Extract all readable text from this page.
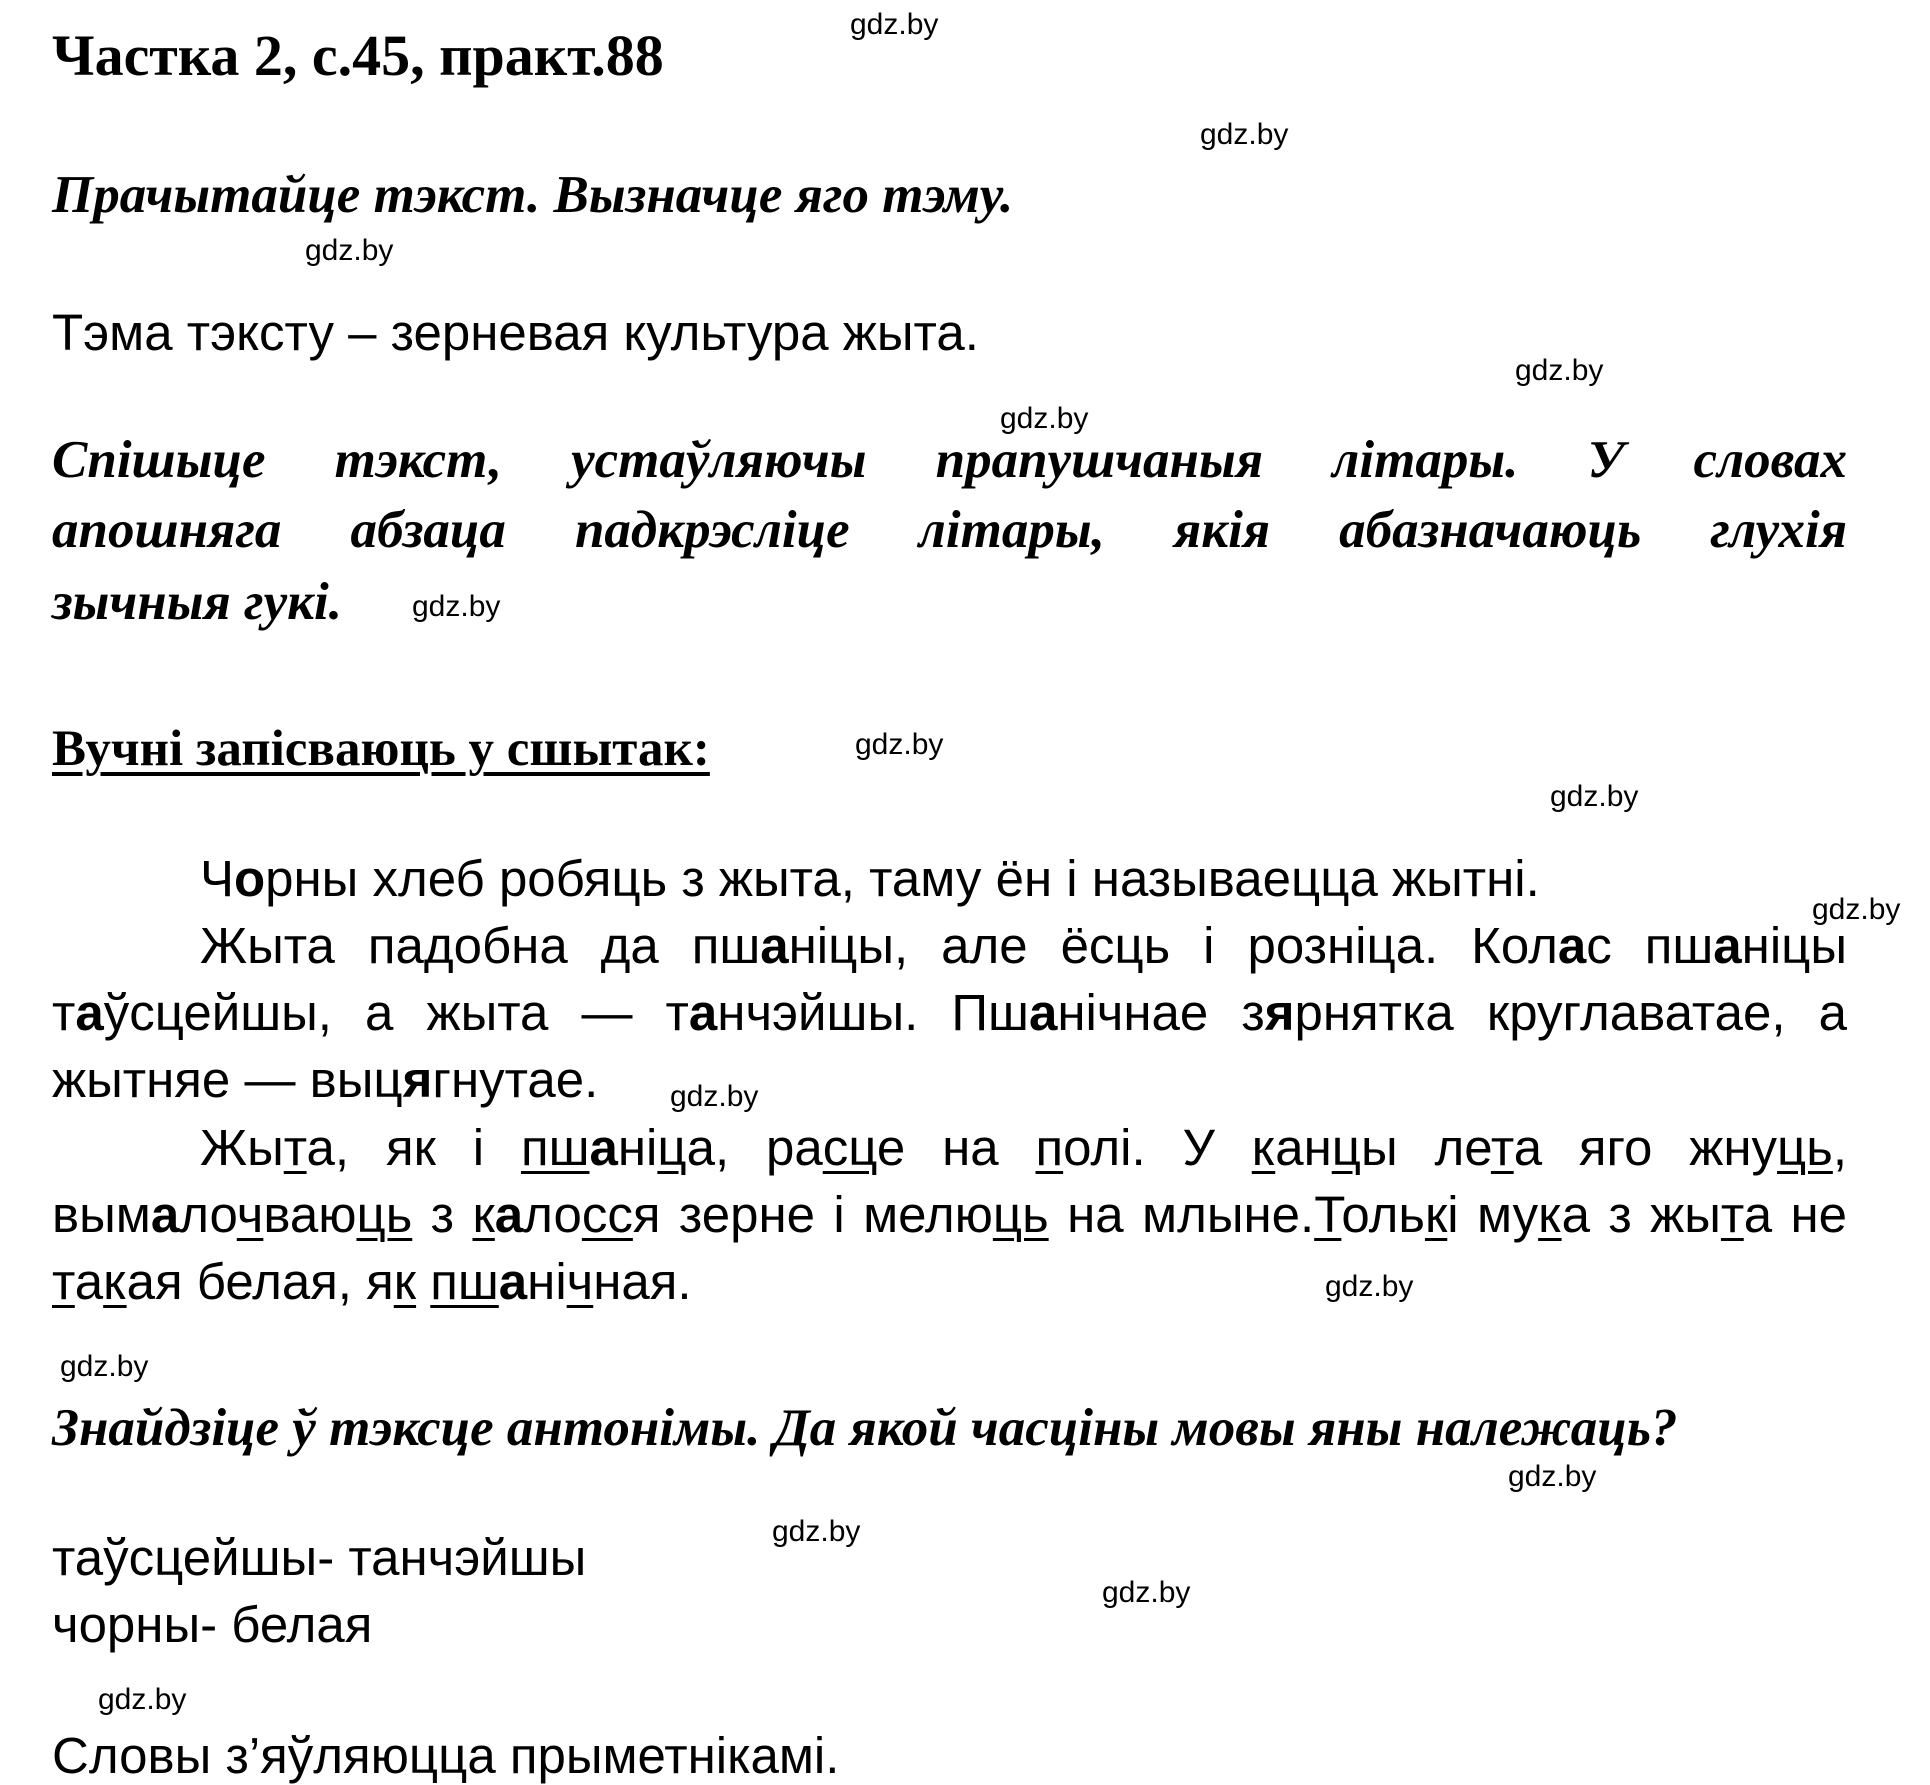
Частка 2, с.45, практ.88
Прачытайце тэкст. Вызначце яго тэму.
Тэма тэксту – зерневая культура жыта.
Спішыце тэкст, устаўляючы прапушчаныя літары. У словах
апошняга абзаца падкрэсліце літары, якія абазначаюць глухія
зычныя гукі.
Вучні запісваюць у сшытак:
Чорны хлеб робяць з жыта, таму ён і называецца жытні.
Жыта падобна да пшаніцы, але ёсць і розніца. Колас пшаніцы таўсцейшы, а жыта — танчэйшы. Пшанічнае зярнятка круглаватае, а жытняе — выцягнутае.
Жыта, як і пшаніца, расце на полі. У канцы лета яго жнуць, вымалочваюць з калосся зерне і мелюць на млыне.Толькі мука з жыта не такая белая, як пшанічная.
Знайдзіце ў тэксце антонімы. Да якой часціны мовы яны належаць?
таўсцейшы- танчэйшы
чорны- белая
Словы з’яўляюцца прыметнікамі.
gdz.by
gdz.by
gdz.by
gdz.by
gdz.by
gdz.by
gdz.by
gdz.by
gdz.by
gdz.by
gdz.by
gdz.by
gdz.by
gdz.by
gdz.by
gdz.by
